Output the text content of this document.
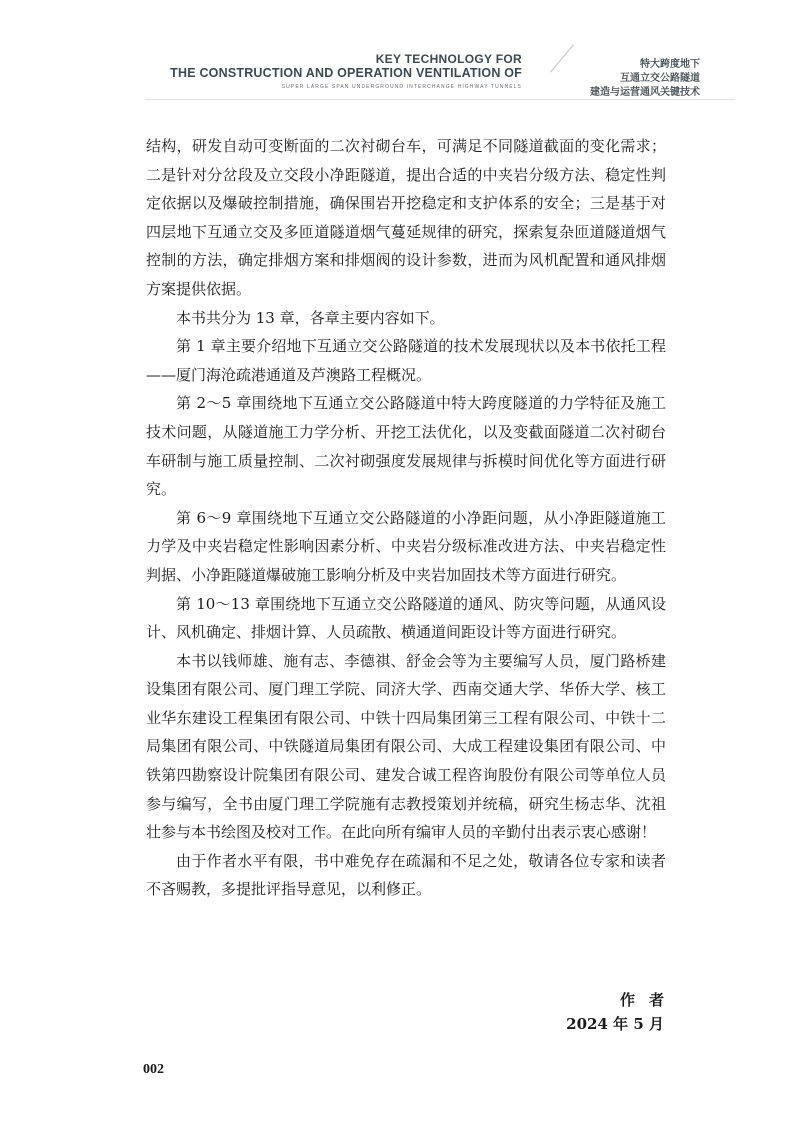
KEY TECHNOLOGY FOR
THE CONSTRUCTION AND OPERATION VENTILATION OF
SUPER LARGE SPAN UNDERGROUND INTERCHANGE HIGHWAY TUNNELS
特大跨度地下
互通立交公路隧道
建造与运营通风关键技术

结构，研发自动可变断面的二次衬砌台车，可满足不同隧道截面的变化需求；二是针对分岔段及立交段小净距隧道，提出合适的中夹岩分级方法、稳定性判定依据以及爆破控制措施，确保围岩开挖稳定和支护体系的安全；三是基于对四层地下互通立交及多匝道隧道烟气蔓延规律的研究，探索复杂匝道隧道烟气控制的方法，确定排烟方案和排烟阀的设计参数，进而为风机配置和通风排烟方案提供依据。

本书共分为 13 章，各章主要内容如下。

第 1 章主要介绍地下互通立交公路隧道的技术发展现状以及本书依托工程——厦门海沧疏港通道及芦澳路工程概况。

第 2～5 章围绕地下互通立交公路隧道中特大跨度隧道的力学特征及施工技术问题，从隧道施工力学分析、开挖工法优化，以及变截面隧道二次衬砌台车研制与施工质量控制、二次衬砌强度发展规律与拆模时间优化等方面进行研究。

第 6～9 章围绕地下互通立交公路隧道的小净距问题，从小净距隧道施工力学及中夹岩稳定性影响因素分析、中夹岩分级标准改进方法、中夹岩稳定性判据、小净距隧道爆破施工影响分析及中夹岩加固技术等方面进行研究。

第 10～13 章围绕地下互通立交公路隧道的通风、防灾等问题，从通风设计、风机确定、排烟计算、人员疏散、横通道间距设计等方面进行研究。

本书以钱师雄、施有志、李德祺、舒金会等为主要编写人员，厦门路桥建设集团有限公司、厦门理工学院、同济大学、西南交通大学、华侨大学、核工业华东建设工程集团有限公司、中铁十四局集团第三工程有限公司、中铁十二局集团有限公司、中铁隧道局集团有限公司、大成工程建设集团有限公司、中铁第四勘察设计院集团有限公司、建发合诚工程咨询股份有限公司等单位人员参与编写，全书由厦门理工学院施有志教授策划并统稿，研究生杨志华、沈祖壮参与本书绘图及校对工作。在此向所有编审人员的辛勤付出表示衷心感谢！

由于作者水平有限，书中难免存在疏漏和不足之处，敬请各位专家和读者不吝赐教，多提批评指导意见，以利修正。

作者
2024 年 5 月
002
